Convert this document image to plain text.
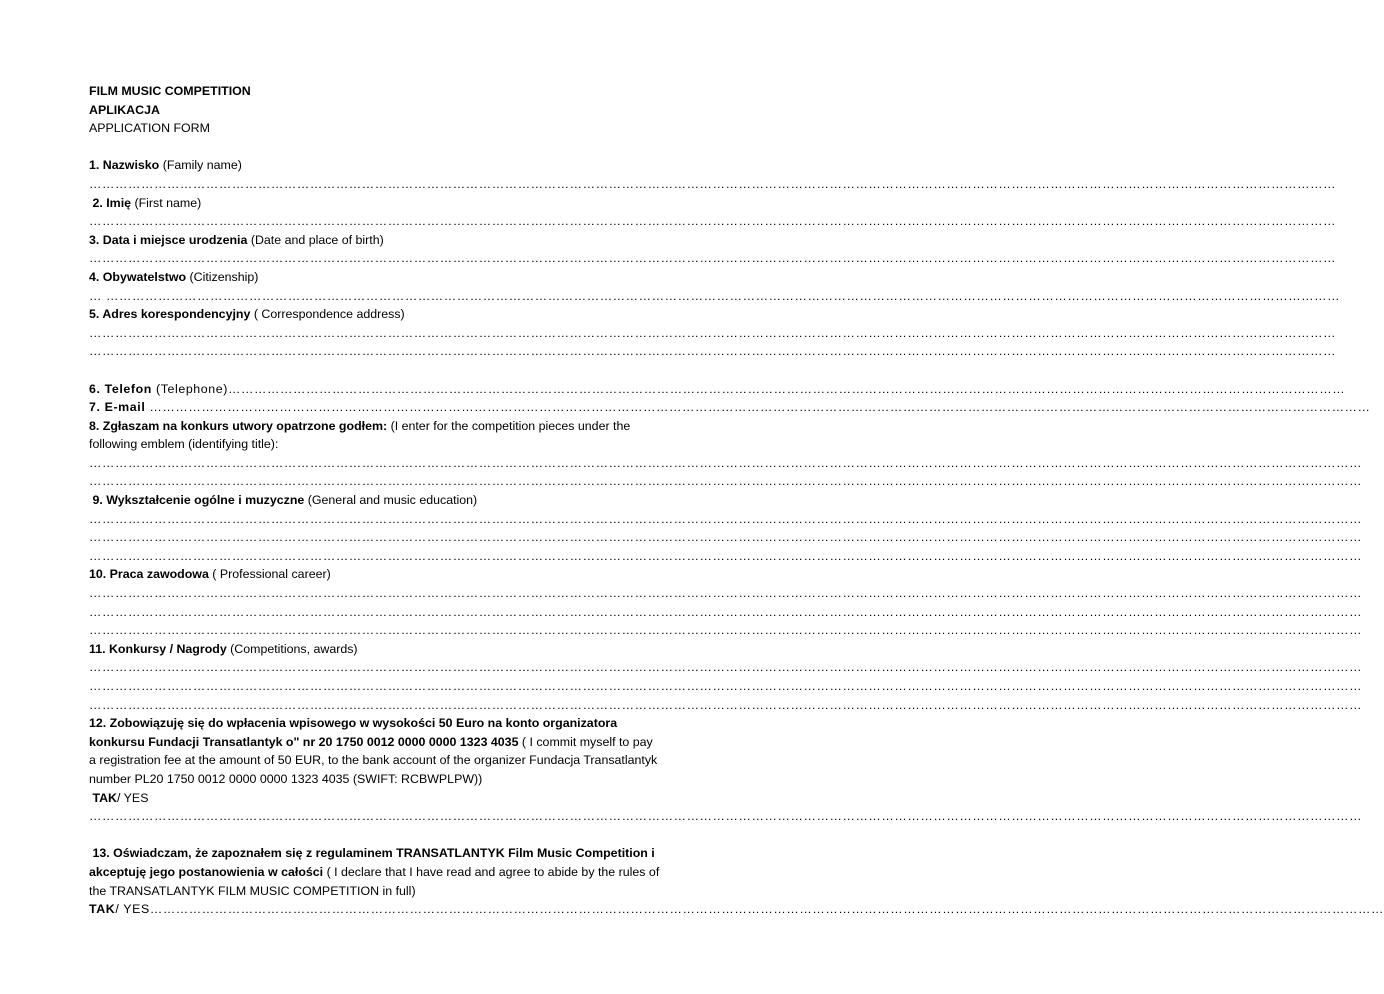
FILM MUSIC COMPETITION
APLIKACJA
APPLICATION FORM
1. Nazwisko (Family name)
………………………………………………………………………………………………………………………………………………………………………………………………………………………………………………………………
2. Imię (First name)
………………………………………………………………………………………………………………………………………………………………………………………………………………………………………………………………
3. Data i miejsce urodzenia (Date and place of birth)
………………………………………………………………………………………………………………………………………………………………………………………………………………………………………………………………
4. Obywatelstwo (Citizenship)
… ……………………………………………………………………………………………………………………………………………………………………………………………………………………………………………………………
5. Adres korespondencyjny ( Correspondence address)
………………………………………………………………………………………………………………………………………………………………………………………………………………………………………………………………
………………………………………………………………………………………………………………………………………………………………………………………………………………………………………………………………
6. Telefon (Telephone)……………………………………………………………………………………………………………………………………………………………………………………………………………………………………
7. E-mail …………………………………………………………………………………………………………………………………………………………………………………………………………………………………………………………
8. Zgłaszam na konkurs utwory opatrzone godłem: (I enter for the competition pieces under the following emblem (identifying title):
……………………………………………………………………………………………………………………………………………………………………………………………………………………………………………………………………
……………………………………………………………………………………………………………………………………………………………………………………………………………………………………………………………………
9. Wykształcenie ogólne i muzyczne (General and music education)
……………………………………………………………………………………………………………………………………………………………………………………………………………………………………………………………………
……………………………………………………………………………………………………………………………………………………………………………………………………………………………………………………………………
……………………………………………………………………………………………………………………………………………………………………………………………………………………………………………………………………
10. Praca zawodowa ( Professional career)
……………………………………………………………………………………………………………………………………………………………………………………………………………………………………………………………………
……………………………………………………………………………………………………………………………………………………………………………………………………………………………………………………………………
……………………………………………………………………………………………………………………………………………………………………………………………………………………………………………………………………
11. Konkursy / Nagrody (Competitions, awards)
……………………………………………………………………………………………………………………………………………………………………………………………………………………………………………………………………
……………………………………………………………………………………………………………………………………………………………………………………………………………………………………………………………………
……………………………………………………………………………………………………………………………………………………………………………………………………………………………………………………………………
12. Zobowiązuję się do wpłacenia wpisowego w wysokości 50 Euro na konto organizatora konkursu Fundacji Transatlantyk o" nr 20 1750 0012 0000 0000 1323 4035 ( I commit myself to pay a registration fee at the amount of 50 EUR, to the bank account of the organizer Fundacja Transatlantyk number PL20 1750 0012 0000 0000 1323 4035 (SWIFT: RCBWPLPW))
TAK/ YES
……………………………………………………………………………………………………………………………………………………………………………………………………………………………………………………………………
13. Oświadczam, że zapoznałem się z regulaminem TRANSATLANTYK Film Music Competition i akceptuję jego postanowienia w całości ( I declare that I have read and agree to abide by the rules of the TRANSATLANTYK FILM MUSIC COMPETITION in full)
TAK/ YES……………………………………………………………………………………………………………………………………………………………………………………………………………………………………………………………
